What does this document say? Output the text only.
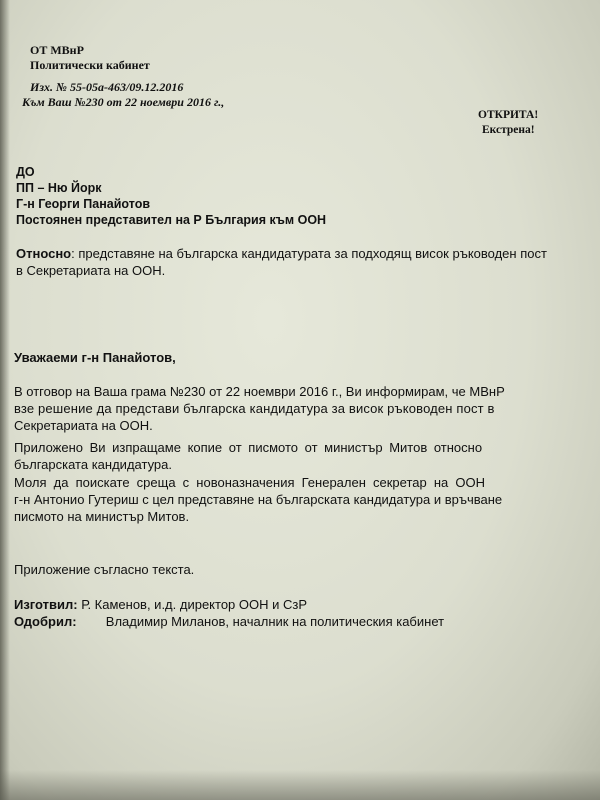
ОТ МВнР
Политически кабинет
Изх. № 55-05а-463/09.12.2016
Към Ваш №230 от 22 ноември 2016 г.,
ОТКРИТА!
Екстрена!
ДО
ПП – Ню Йорк
Г-н Георги Панайотов
Постоянен представител на Р България към ООН
Относно: представяне на българска кандидатурата за подходящ висок ръководен пост
в Секретариата на ООН.
Уважаеми г-н Панайотов,
В отговор на Ваша грама №230 от 22 ноември 2016 г., Ви информирам, че МВнР
взе решение да представи българска кандидатура за висок ръководен пост в
Секретариата на ООН.
Приложено Ви изпращаме копие от писмото от министър Митов относно
българската кандидатура.
Моля да поискате среща с новоназначения Генерален секретар на ООН
г-н Антонио Гутериш с цел представяне на българската кандидатура и връчване
писмото на министър Митов.
Приложение съгласно текста.
Изготвил: Р. Каменов, и.д. директор ООН и СзР
Одобрил: Владимир Миланов, началник на политическия кабинет
